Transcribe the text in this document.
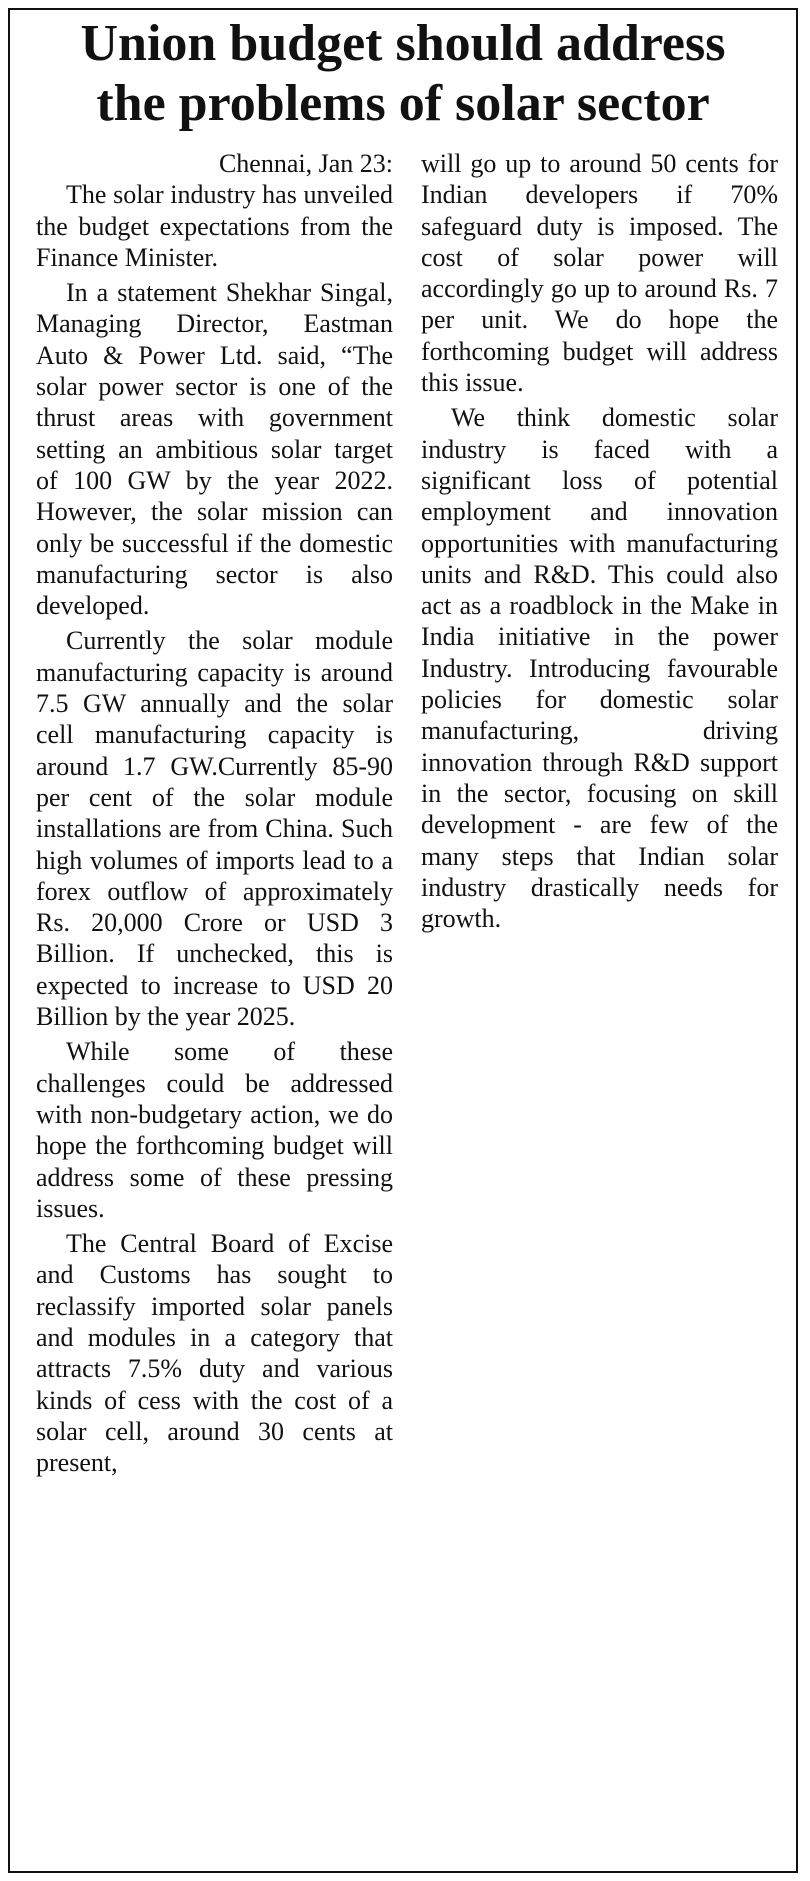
Union budget should address
the problems of solar sector

Chennai, Jan 23:

The solar industry has unveiled the budget expectations from the Finance Minister.

In a statement Shekhar Singal, Managing Director, Eastman Auto & Power Ltd. said, “The solar power sector is one of the thrust areas with government setting an ambitious solar target of 100 GW by the year 2022. However, the solar mission can only be successful if the domestic manufacturing sector is also developed.

Currently the solar module manufacturing capacity is around 7.5 GW annually and the solar cell manufacturing capacity is around 1.7 GW.Currently 85-90 per cent of the solar module installations are from China. Such high volumes of imports lead to a forex outflow of approximately Rs. 20,000 Crore or USD 3 Billion. If unchecked, this is expected to increase to USD 20 Billion by the year 2025.

While some of these challenges could be addressed with non-budgetary action, we do hope the forthcoming budget will address some of these pressing issues.

The Central Board of Excise and Customs has sought to reclassify imported solar panels and modules in a category that attracts 7.5% duty and various kinds of cess with the cost of a solar cell, around 30 cents at present,

will go up to around 50 cents for Indian developers if 70% safeguard duty is imposed. The cost of solar power will accordingly go up to around Rs. 7 per unit. We do hope the forthcoming budget will address this issue.

We think domestic solar industry is faced with a significant loss of potential employment and innovation opportunities with manufacturing units and R&D. This could also act as a roadblock in the Make in India initiative in the power Industry. Introducing favourable policies for domestic solar manufacturing, driving innovation through R&D support in the sector, focusing on skill development - are few of the many steps that Indian solar industry drastically needs for growth.
